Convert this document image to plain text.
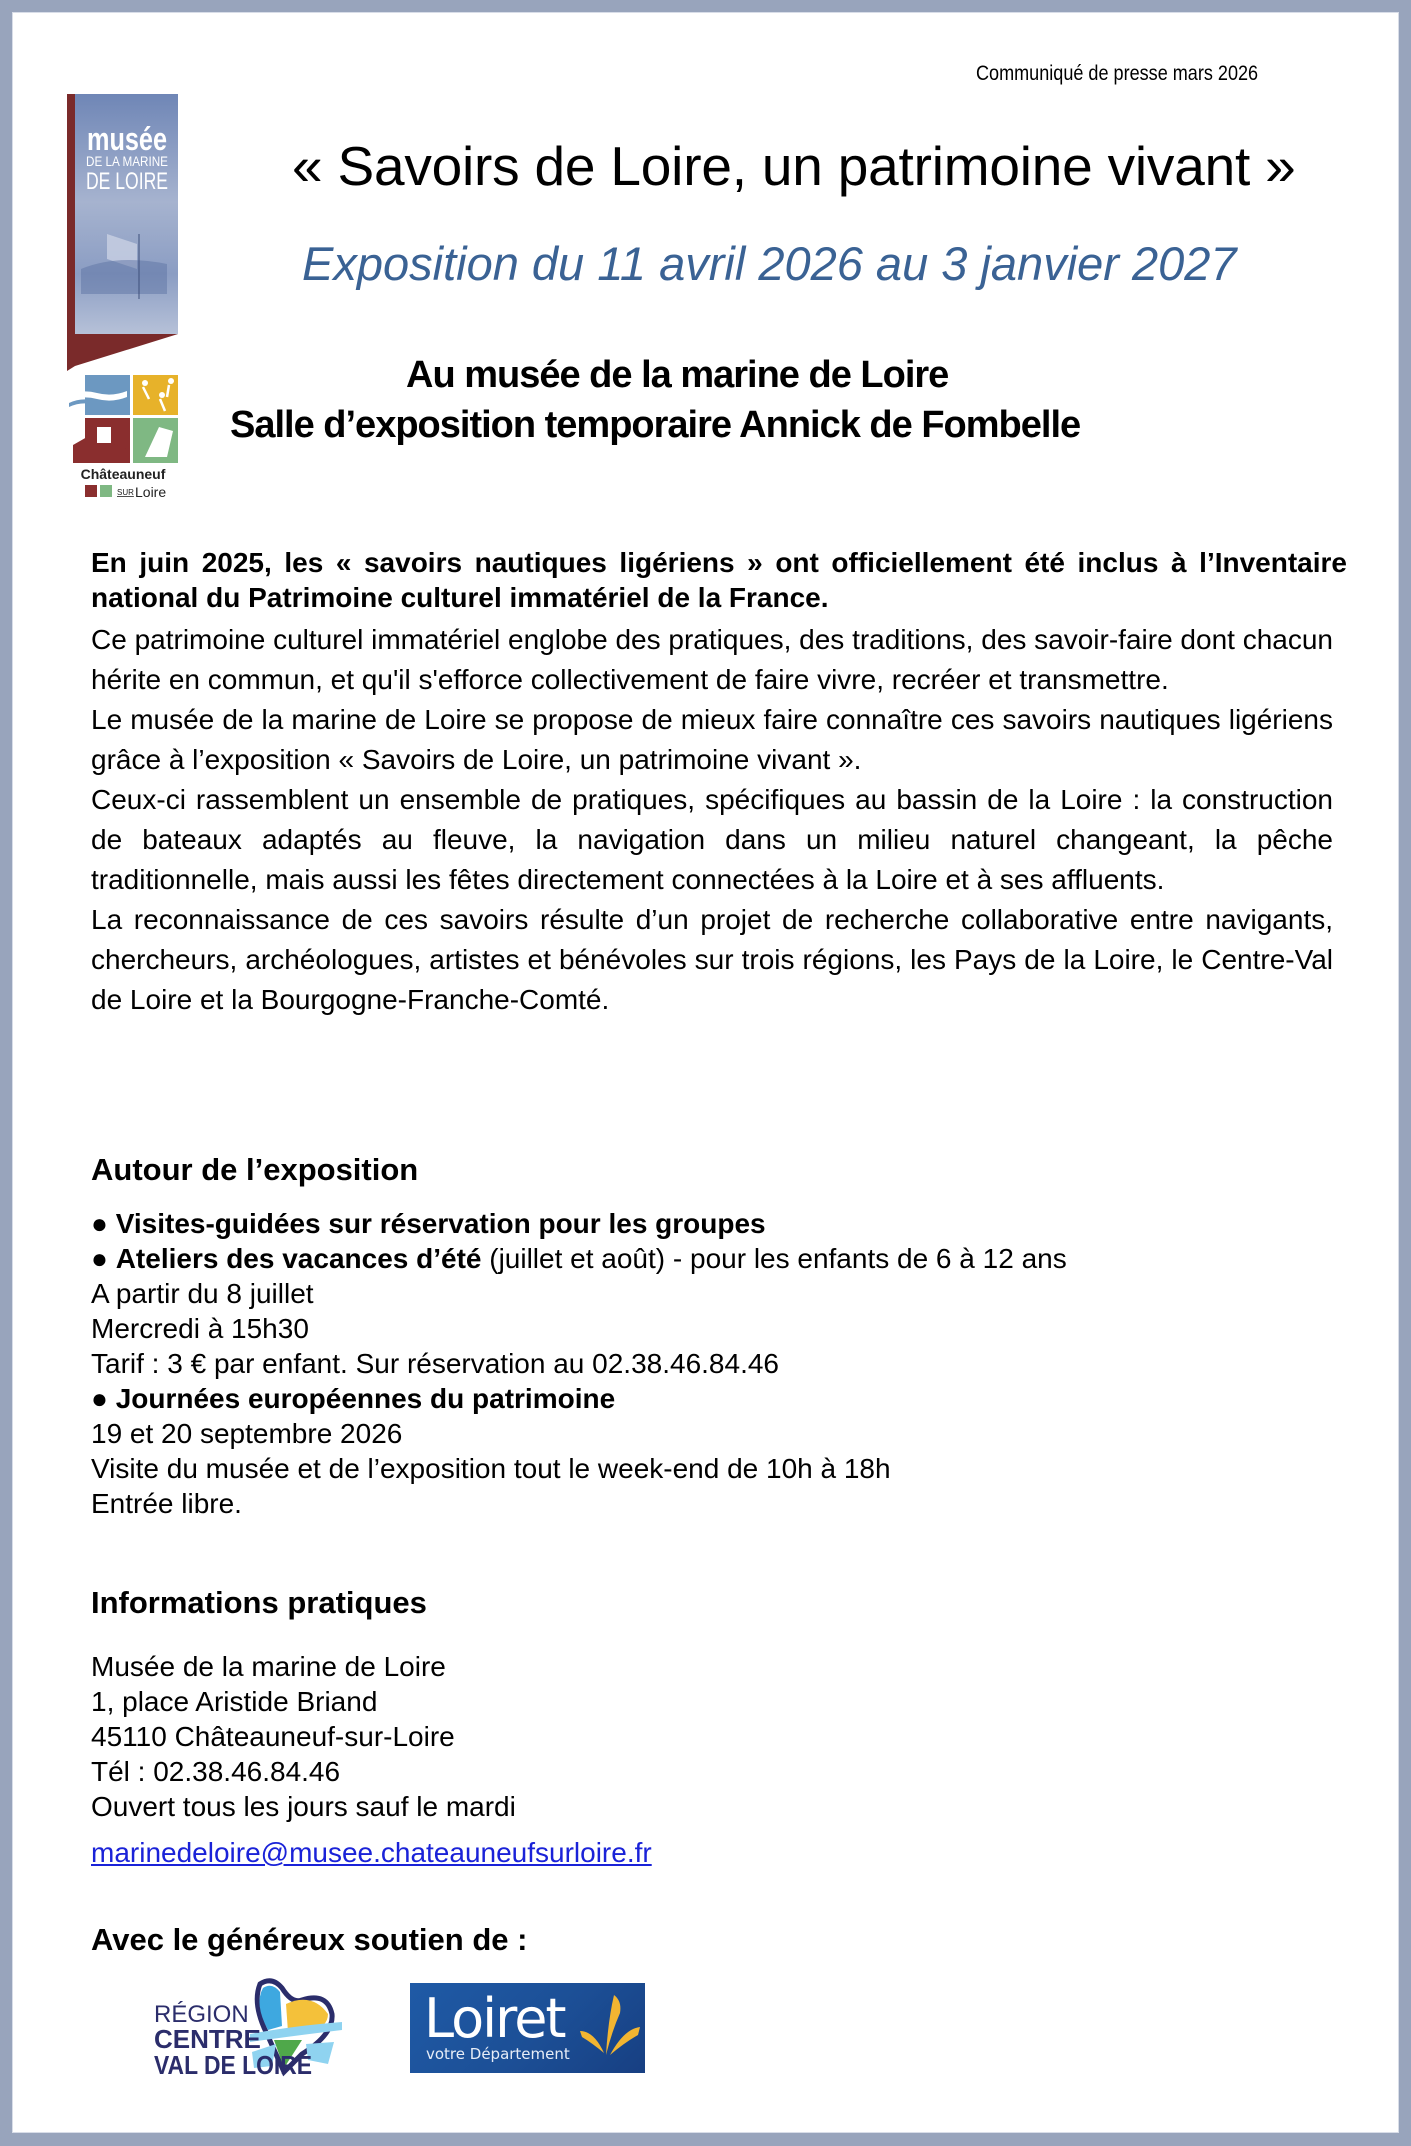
musée
DE LA MARINE
DE LOIRE
Châteauneuf
SUR Loire
Communiqué de presse mars 2026
« Savoirs de Loire, un patrimoine vivant »
Exposition du 11 avril 2026 au 3 janvier 2027
Au musée de la marine de Loire
Salle d’exposition temporaire Annick de Fombelle
En juin 2025, les « savoirs nautiques ligériens » ont officiellement été inclus à l’Inventaire national du Patrimoine culturel immatériel de la France.

Ce patrimoine culturel immatériel englobe des pratiques, des traditions, des savoir-faire dont chacun hérite en commun, et qu'il s'efforce collectivement de faire vivre, recréer et transmettre.

Le musée de la marine de Loire se propose de mieux faire connaître ces savoirs nautiques ligériens grâce à l’exposition « Savoirs de Loire, un patrimoine vivant ».

Ceux-ci rassemblent un ensemble de pratiques, spécifiques au bassin de la Loire : la construction de bateaux adaptés au fleuve, la navigation dans un milieu naturel changeant, la pêche traditionnelle, mais aussi les fêtes directement connectées à la Loire et à ses affluents.

La reconnaissance de ces savoirs résulte d’un projet de recherche collaborative entre navigants, chercheurs, archéologues, artistes et bénévoles sur trois régions, les Pays de la Loire, le Centre-Val de Loire et la Bourgogne-Franche-Comté.

Autour de l’exposition
● Visites-guidées sur réservation pour les groupes
● Ateliers des vacances d’été (juillet et août) - pour les enfants de 6 à 12 ans
A partir du 8 juillet
Mercredi à 15h30
Tarif : 3 € par enfant. Sur réservation au 02.38.46.84.46
● Journées européennes du patrimoine
19 et 20 septembre 2026
Visite du musée et de l’exposition tout le week-end de 10h à 18h
Entrée libre.
Informations pratiques
Musée de la marine de Loire
1, place Aristide Briand
45110 Châteauneuf-sur-Loire
Tél : 02.38.46.84.46
Ouvert tous les jours sauf le mardi
marinedeloire@musee.chateauneufsurloire.fr
Avec le généreux soutien de :
RÉGION
CENTRE
VAL DE LOIRE
Loiret
votre Département
